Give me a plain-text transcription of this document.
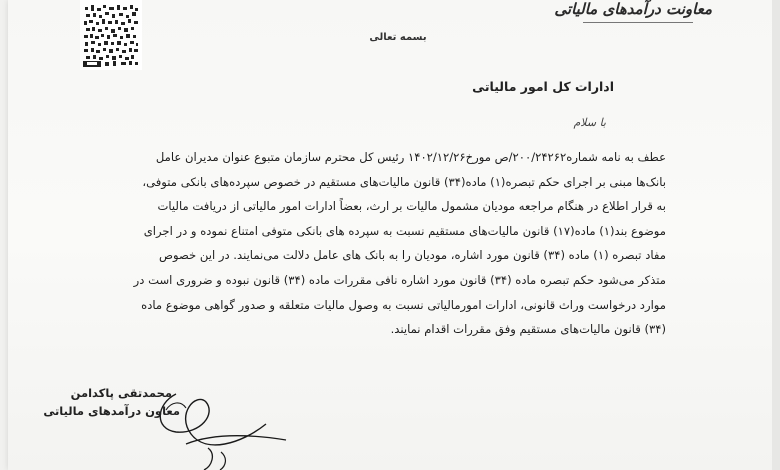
معاونت درآمدهای مالیاتی
بسمه تعالی
ادارات کل امور مالیاتی
با سلام
عطف به نامه شماره۲۰۰/۲۴۲۶۲/ص مورخ۱۴۰۲/۱۲/۲۶ رئیس کل محترم سازمان متبوع عنوان مدیران عامل
بانک‌ها مبنی بر اجرای حکم تبصره(۱) ماده(۳۴) قانون مالیات‌های مستقیم در خصوص سپرده‌های بانکی متوفی،
به قرار اطلاع در هنگام مراجعه مودیان مشمول مالیات بر ارث، بعضاً ادارات امور مالیاتی از دریافت مالیات
موضوع بند(۱) ماده(۱۷) قانون مالیات‌های مستقیم نسبت به سپرده های بانکی متوفی امتناع نموده و در اجرای
مفاد تبصره (۱) ماده (۳۴) قانون مورد اشاره، مودیان را به بانک های عامل دلالت می‌نمایند. در این خصوص
متذکر می‌شود حکم تبصره ماده (۳۴) قانون مورد اشاره نافی مقررات ماده (۳۴) قانون نبوده و ضروری است در
موارد درخواست وراث قانونی، ادارات امورمالیاتی نسبت به وصول مالیات متعلقه و صدور گواهی موضوع ماده
(۳۴) قانون مالیات‌های مستقیم وفق مقررات اقدام نمایند.
محمدتقی پاکدامن
معاون درآمدهای مالیاتی
